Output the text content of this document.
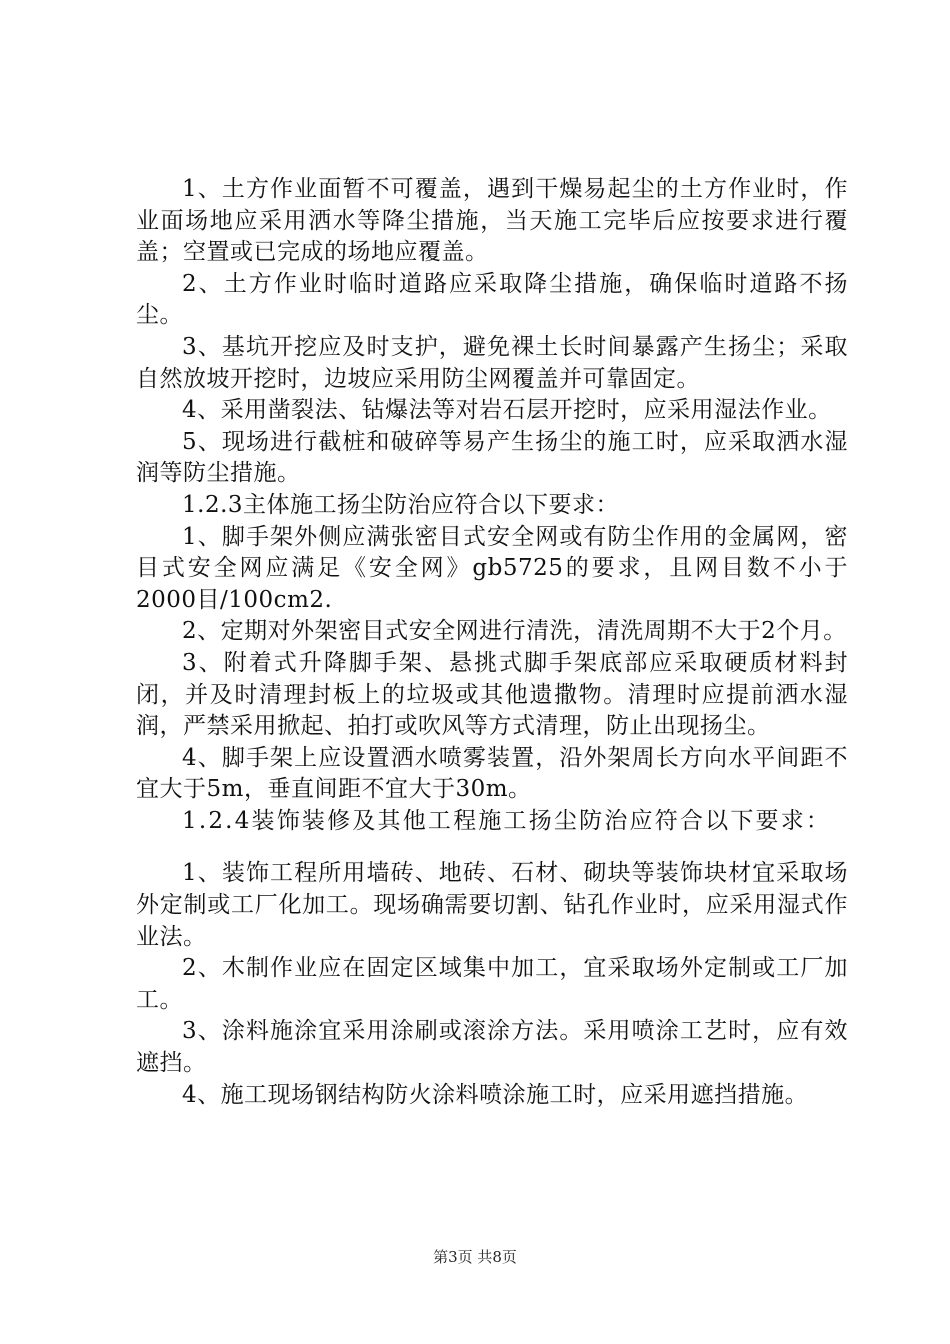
1、土方作业面暂不可覆盖，遇到干燥易起尘的土方作业时，作业面场地应采用洒水等降尘措施，当天施工完毕后应按要求进行覆盖；空置或已完成的场地应覆盖。

2、土方作业时临时道路应采取降尘措施，确保临时道路不扬尘。

3、基坑开挖应及时支护，避免裸土长时间暴露产生扬尘；采取自然放坡开挖时，边坡应采用防尘网覆盖并可靠固定。

4、采用凿裂法、钻爆法等对岩石层开挖时，应采用湿法作业。

5、现场进行截桩和破碎等易产生扬尘的施工时，应采取洒水湿润等防尘措施。

1.2.3主体施工扬尘防治应符合以下要求：

1、脚手架外侧应满张密目式安全网或有防尘作用的金属网，密目式安全网应满足《安全网》gb5725的要求，且网目数不小于2000目/100cm2.

2、定期对外架密目式安全网进行清洗，清洗周期不大于2个月。

3、附着式升降脚手架、悬挑式脚手架底部应采取硬质材料封闭，并及时清理封板上的垃圾或其他遗撒物。清理时应提前洒水湿润，严禁采用掀起、拍打或吹风等方式清理，防止出现扬尘。

4、脚手架上应设置洒水喷雾装置，沿外架周长方向水平间距不宜大于5m，垂直间距不宜大于30m。

1.2.4装饰装修及其他工程施工扬尘防治应符合以下要求：

1、装饰工程所用墙砖、地砖、石材、砌块等装饰块材宜采取场外定制或工厂化加工。现场确需要切割、钻孔作业时，应采用湿式作业法。

2、木制作业应在固定区域集中加工，宜采取场外定制或工厂加工。

3、涂料施涂宜采用涂刷或滚涂方法。采用喷涂工艺时，应有效遮挡。

4、施工现场钢结构防火涂料喷涂施工时，应采用遮挡措施。

第3页 共8页
